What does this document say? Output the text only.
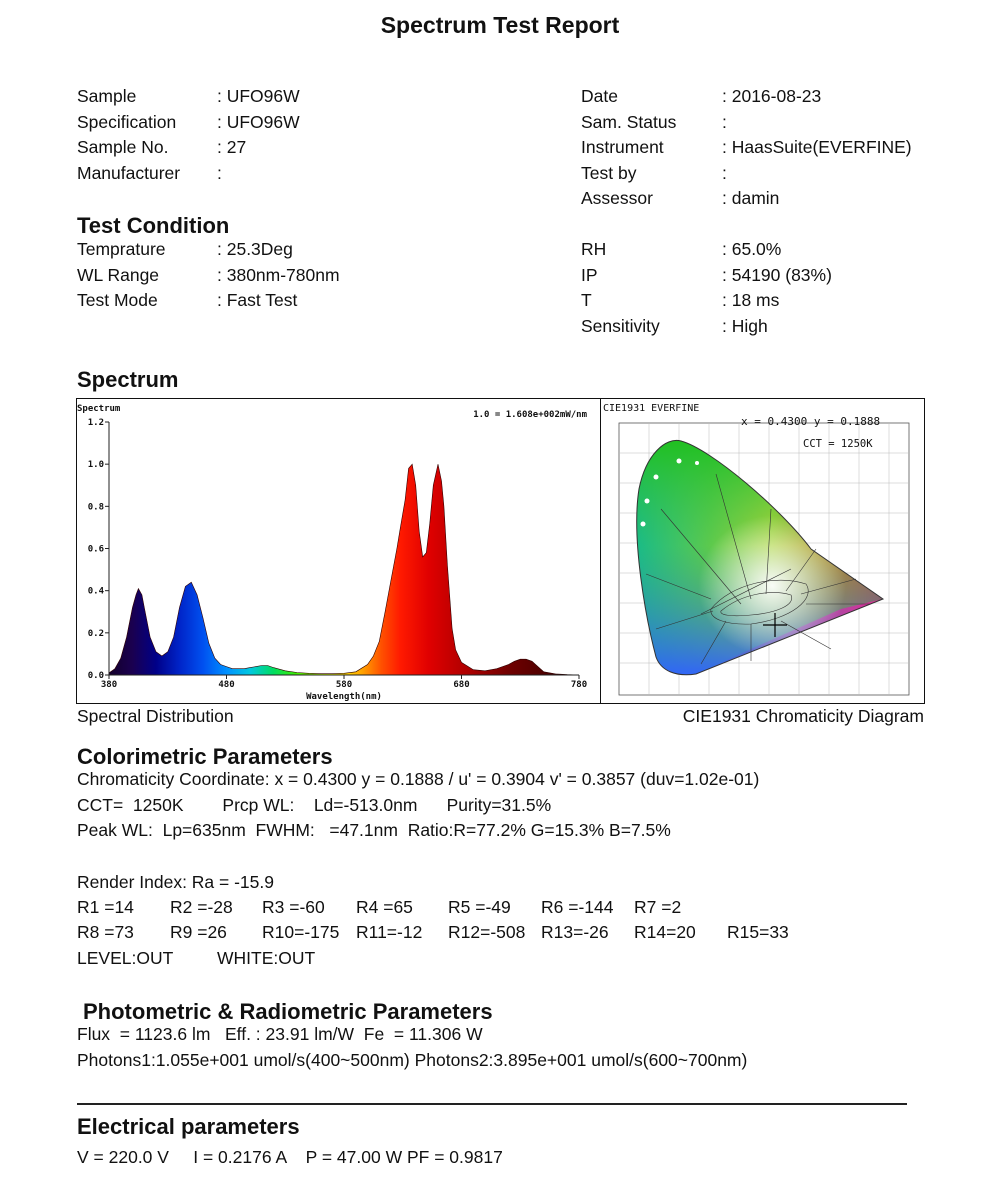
Spectrum Test Report
Sample	: UFO96W
Specification : UFO96W
Sample No.	: 27
Manufacturer :
Date	: 2016-08-23
Sam. Status	:
Instrument	: HaasSuite(EVERFINE)
Test by	:
Assessor	: damin
Test Condition
Temprature	: 25.3Deg
WL Range	: 380nm-780nm
Test Mode	: Fast Test
RH	: 65.0%
IP	: 54190 (83%)
T	: 18 ms
Sensitivity	: High
Spectrum
Spectrum
1.0 = 1.608e+002mW/nm
0.0
0.2
0.4
0.6
0.8
1.0
1.2
380	480	580	680	780
Wavelength(nm)
CIE1931 EVERFINE
x = 0.4300 y = 0.1888
CCT = 1250K
Spectral Distribution	CIE1931 Chromaticity Diagram
Colorimetric Parameters
Chromaticity Coordinate: x = 0.4300 y = 0.1888 / u' = 0.3904 v' = 0.3857 (duv=1.02e-01)
CCT=  1250K        Prcp WL:    Ld=-513.0nm      Purity=31.5%
Peak WL:  Lp=635nm  FWHM:   =47.1nm  Ratio:R=77.2% G=15.3% B=7.5%
Render Index: Ra = -15.9
R1 =14 R2 =-28 R3 =-60 R4 =65 R5 =-49 R6 =-144 R7 =2
R8 =73 R9 =26 R10=-175 R11=-12 R12=-508 R13=-26 R14=20 R15=33
LEVEL:OUT WHITE:OUT
Photometric & Radiometric Parameters
Flux  = 1123.6 lm   Eff. : 23.91 lm/W  Fe  = 11.306 W
Photons1:1.055e+001 umol/s(400~500nm) Photons2:3.895e+001 umol/s(600~700nm)
Electrical parameters
V = 220.0 V     I = 0.2176 A    P = 47.00 W PF = 0.9817
